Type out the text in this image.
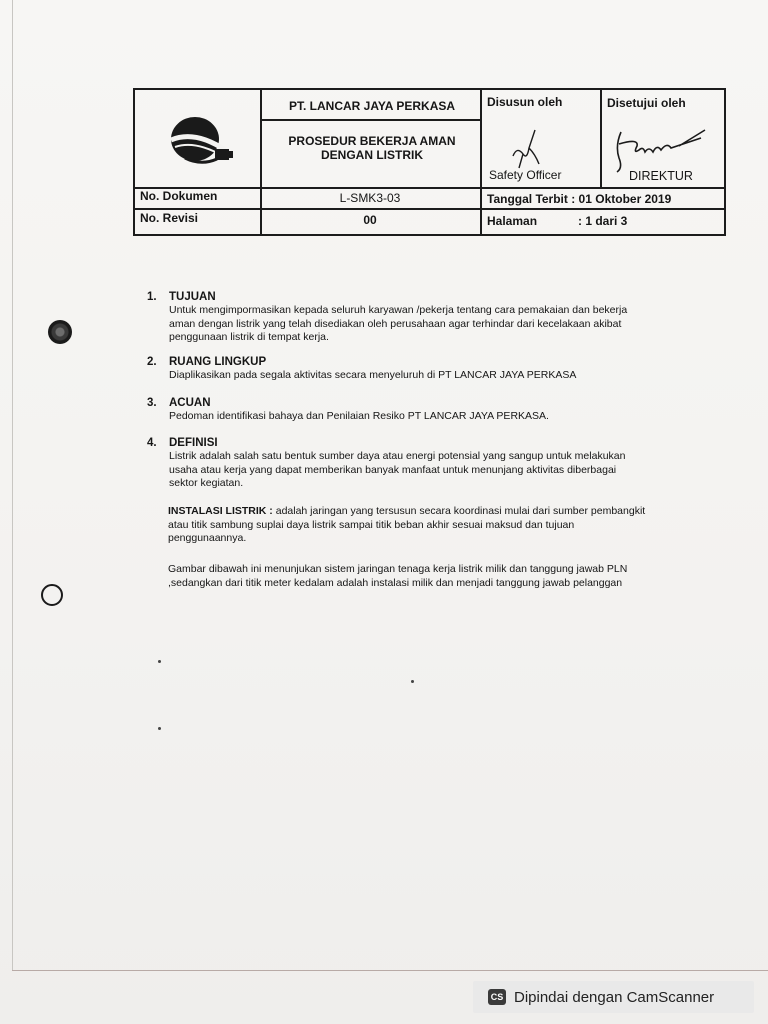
PT. LANCAR JAYA PERKASA	Disusun oleh	Disetujui oleh
PROSEDUR BEKERJA AMAN
DENGAN LISTRIK
Safety Officer	DIREKTUR
No. Dokumen	L-SMK3-03	Tanggal Terbit : 01 Oktober 2019
No. Revisi	00	Halaman	: 1 dari 3
1.	TUJUAN
Untuk mengimpormasikan kepada seluruh karyawan /pekerja tentang cara pemakaian dan bekerja aman dengan listrik yang telah disediakan oleh perusahaan agar terhindar dari kecelakaan akibat penggunaan listrik di tempat kerja.
2.	RUANG LINGKUP
Diaplikasikan pada segala aktivitas secara menyeluruh di PT LANCAR JAYA PERKASA
3.	ACUAN
Pedoman identifikasi bahaya dan Penilaian Resiko PT LANCAR JAYA PERKASA.
4.	DEFINISI
Listrik adalah salah satu bentuk sumber daya atau energi potensial yang sangup untuk melakukan usaha atau kerja yang dapat memberikan banyak manfaat untuk menunjang aktivitas diberbagai sektor kegiatan.
INSTALASI LISTRIK : adalah jaringan yang tersusun secara koordinasi mulai dari sumber pembangkit atau titik sambung suplai daya listrik sampai titik beban akhir sesuai maksud dan tujuan penggunaannya.
Gambar dibawah ini menunjukan sistem jaringan tenaga kerja listrik milik dan tanggung jawab PLN ,sedangkan dari titik meter kedalam adalah instalasi milik dan menjadi tanggung jawab pelanggan
CS Dipindai dengan CamScanner
